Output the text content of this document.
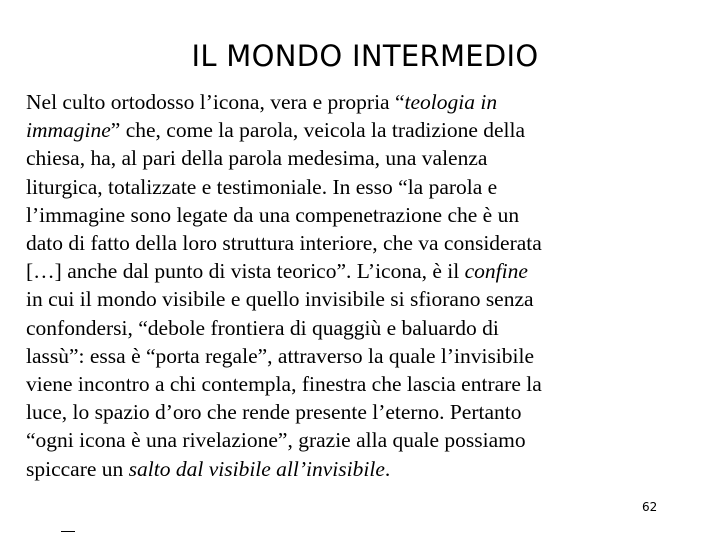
IL MONDO INTERMEDIO

Nel culto ortodosso l’icona, vera e propria “teologia in
immagine” che, come la parola, veicola la tradizione della
chiesa, ha, al pari della parola medesima, una valenza
liturgica, totalizzate e testimoniale. In esso “la parola e
l’immagine sono legate da una compenetrazione che è un
dato di fatto della loro struttura interiore, che va considerata
[…] anche dal punto di vista teorico”. L’icona, è il confine
in cui il mondo visibile e quello invisibile si sfiorano senza
confondersi, “debole frontiera di quaggiù e baluardo di
lassù”: essa è “porta regale”, attraverso la quale l’invisibile
viene incontro a chi contempla, finestra che lascia entrare la
luce, lo spazio d’oro che rende presente l’eterno. Pertanto
“ogni icona è una rivelazione”, grazie alla quale possiamo
spiccare un salto dal visibile all’invisibile.

62
